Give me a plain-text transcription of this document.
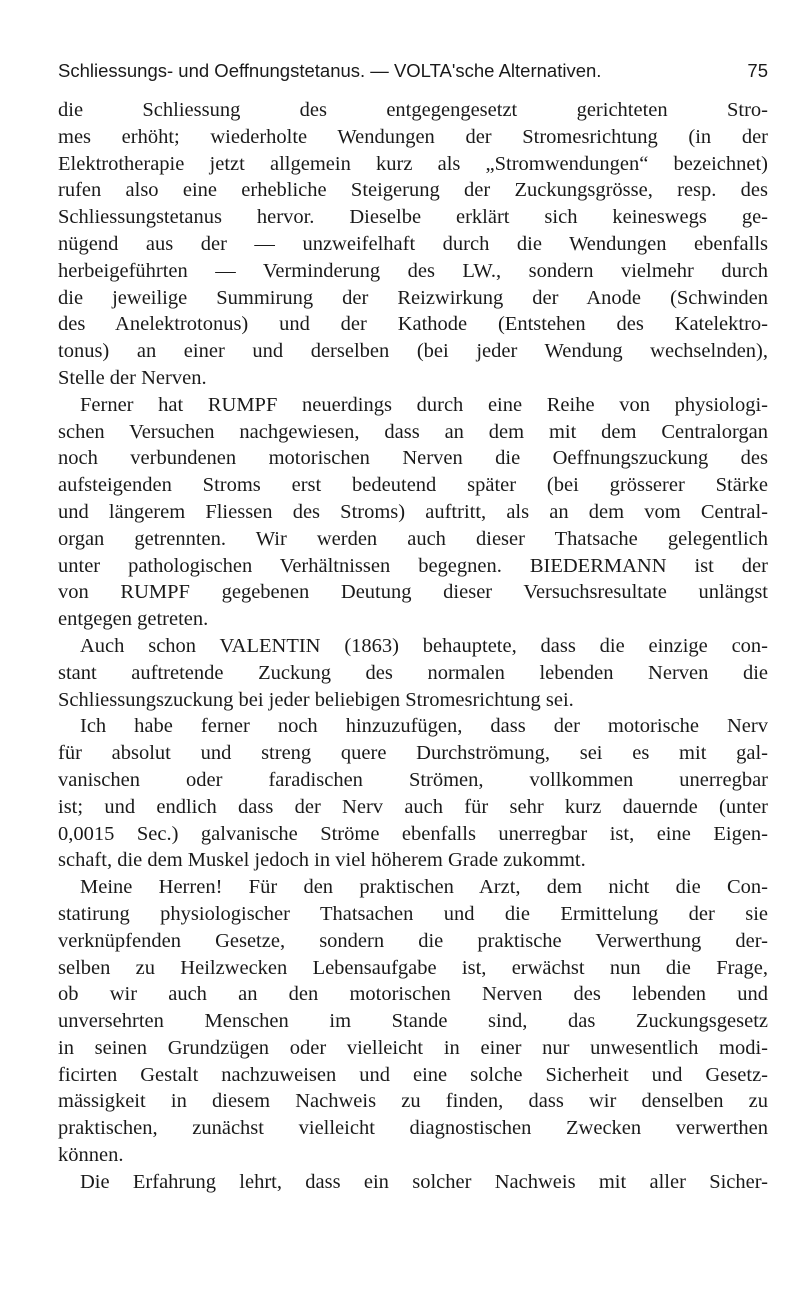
Schliessungs- und Oeffnungstetanus. — VOLTA'sche Alternativen.	75
die Schliessung des entgegengesetzt gerichteten Stro-
mes erhöht; wiederholte Wendungen der Stromesrichtung (in der
Elektrotherapie jetzt allgemein kurz als „Stromwendungen“ bezeichnet)
rufen also eine erhebliche Steigerung der Zuckungsgrösse, resp. des
Schliessungstetanus hervor. Dieselbe erklärt sich keineswegs ge-
nügend aus der — unzweifelhaft durch die Wendungen ebenfalls
herbeigeführten — Verminderung des LW., sondern vielmehr durch
die jeweilige Summirung der Reizwirkung der Anode (Schwinden
des Anelektrotonus) und der Kathode (Entstehen des Katelektro-
tonus) an einer und derselben (bei jeder Wendung wechselnden),
Stelle der Nerven.
Ferner hat RUMPF neuerdings durch eine Reihe von physiologi-
schen Versuchen nachgewiesen, dass an dem mit dem Centralorgan
noch verbundenen motorischen Nerven die Oeffnungszuckung des
aufsteigenden Stroms erst bedeutend später (bei grösserer Stärke
und längerem Fliessen des Stroms) auftritt, als an dem vom Central-
organ getrennten. Wir werden auch dieser Thatsache gelegentlich
unter pathologischen Verhältnissen begegnen. BIEDERMANN ist der
von RUMPF gegebenen Deutung dieser Versuchsresultate unlängst
entgegen getreten.
Auch schon VALENTIN (1863) behauptete, dass die einzige con-
stant auftretende Zuckung des normalen lebenden Nerven die
Schliessungszuckung bei jeder beliebigen Stromesrichtung sei.
Ich habe ferner noch hinzuzufügen, dass der motorische Nerv
für absolut und streng quere Durchströmung, sei es mit gal-
vanischen oder faradischen Strömen, vollkommen unerregbar
ist; und endlich dass der Nerv auch für sehr kurz dauernde (unter
0,0015 Sec.) galvanische Ströme ebenfalls unerregbar ist, eine Eigen-
schaft, die dem Muskel jedoch in viel höherem Grade zukommt.
Meine Herren! Für den praktischen Arzt, dem nicht die Con-
statirung physiologischer Thatsachen und die Ermittelung der sie
verknüpfenden Gesetze, sondern die praktische Verwerthung der-
selben zu Heilzwecken Lebensaufgabe ist, erwächst nun die Frage,
ob wir auch an den motorischen Nerven des lebenden und
unversehrten Menschen im Stande sind, das Zuckungsgesetz
in seinen Grundzügen oder vielleicht in einer nur unwesentlich modi-
ficirten Gestalt nachzuweisen und eine solche Sicherheit und Gesetz-
mässigkeit in diesem Nachweis zu finden, dass wir denselben zu
praktischen, zunächst vielleicht diagnostischen Zwecken verwerthen
können.
Die Erfahrung lehrt, dass ein solcher Nachweis mit aller Sicher-
